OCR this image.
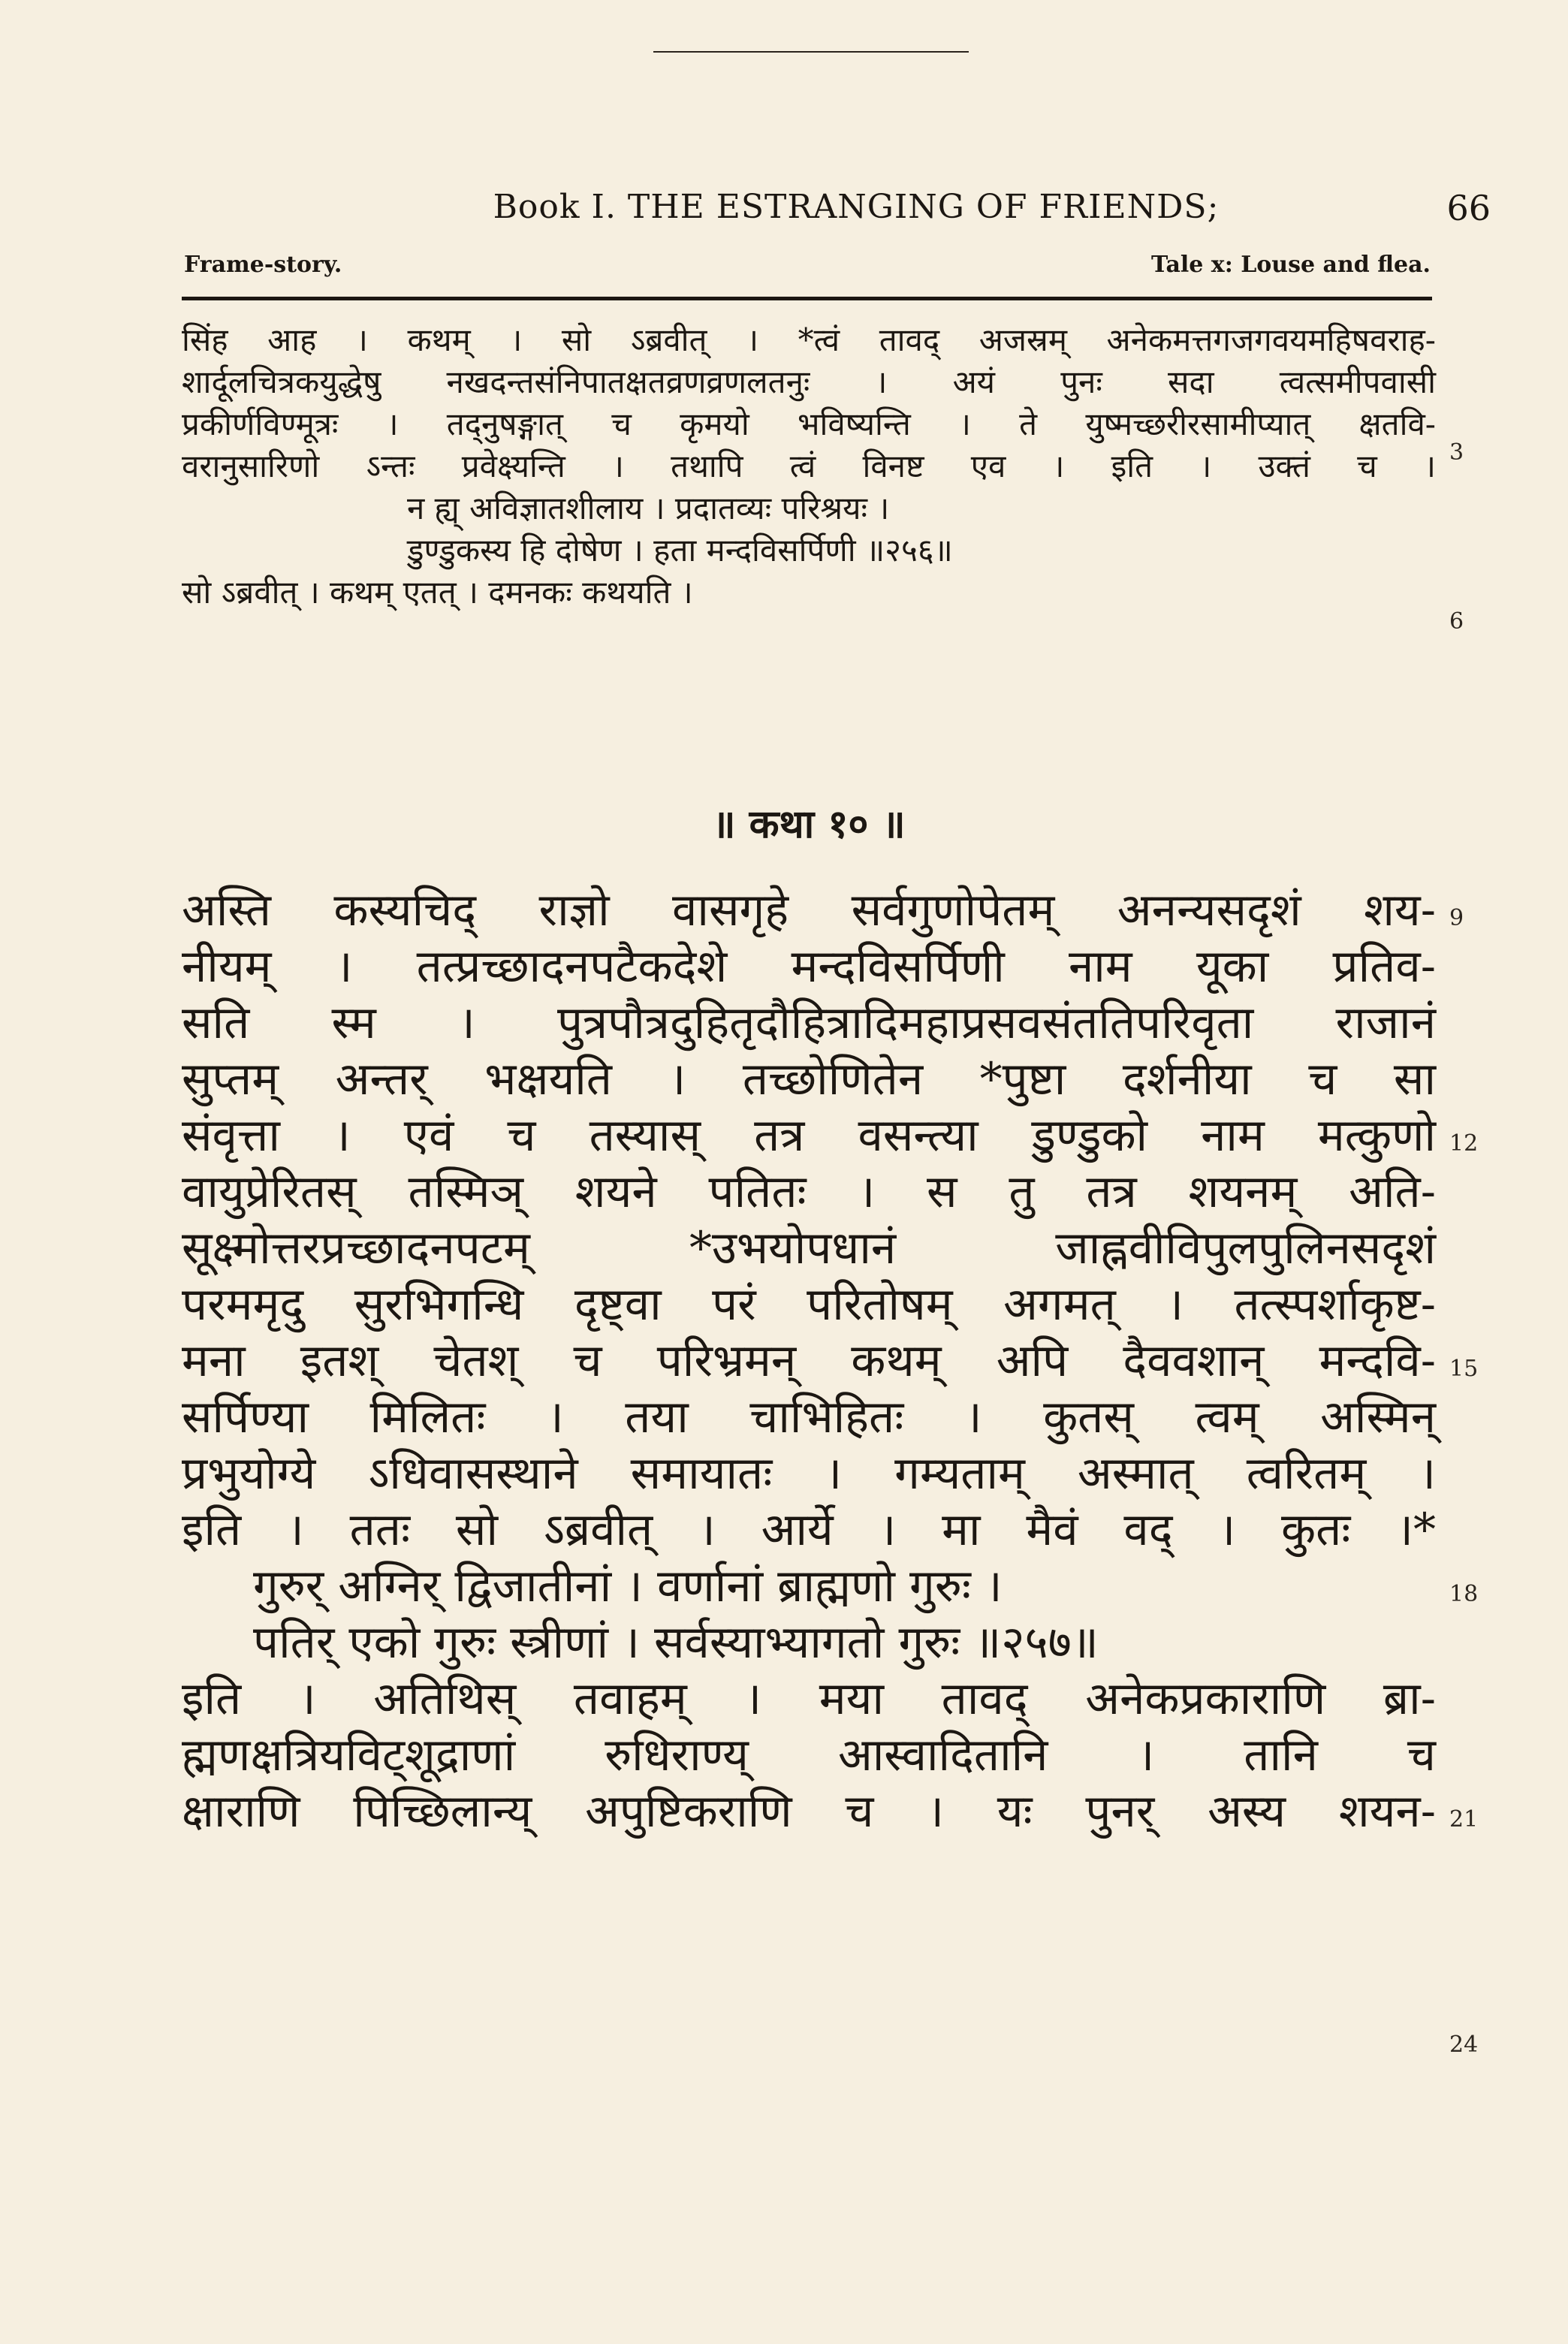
Book I. THE ESTRANGING OF FRIENDS;	66
Frame-story.	Tale x: Louse and flea.
सिंह आह । कथम् । सो ऽब्रवीत् । *त्वं तावद् अजस्रम् अनेकमत्तगजगवयमहिषवराह-
शार्दूलचित्रकयुद्धेषु नखदन्तसंनिपातक्षतव्रणव्रणलतनुः । अयं पुनः सदा त्वत्समीपवासी
प्रकीर्णविण्मूत्रः । तद्नुषङ्गात् च कृमयो भविष्यन्ति । ते युष्मच्छरीरसामीप्यात् क्षतवि-
वरानुसारिणो ऽन्तः प्रवेक्ष्यन्ति । तथापि त्वं विनष्ट एव । इति । उक्तं च ।
न ह्य् अविज्ञातशीलाय । प्रदातव्यः परिश्रयः ।
डुण्डुकस्य हि दोषेण । हता मन्दविसर्पिणी ॥२५६॥
सो ऽब्रवीत् । कथम् एतत् । दमनकः कथयति ।
3
6
॥ कथा १० ॥
अस्ति कस्यचिद् राज्ञो वासगृहे सर्वगुणोपेतम् अनन्यसदृशं शय-
नीयम् । तत्प्रच्छादनपटैकदेशे मन्दविसर्पिणी नाम यूका प्रतिव-
सति स्म । पुत्रपौत्रदुहितृदौहित्रादिमहाप्रसवसंततिपरिवृता राजानं
सुप्तम् अन्तर् भक्षयति । तच्छोणितेन *पुष्टा दर्शनीया च सा
संवृत्ता । एवं च तस्यास् तत्र वसन्त्या डुण्डुको नाम मत्कुणो
वायुप्रेरितस् तस्मिञ् शयने पतितः । स तु तत्र शयनम् अति-
सूक्ष्मोत्तरप्रच्छादनपटम् *उभयोपधानं जाह्नवीविपुलपुलिनसदृशं
परममृदु सुरभिगन्धि दृष्ट्वा परं परितोषम् अगमत् । तत्स्पर्शाकृष्ट-
मना इतश् चेतश् च परिभ्रमन् कथम् अपि दैववशान् मन्दवि-
सर्पिण्या मिलितः । तया चाभिहितः । कुतस् त्वम् अस्मिन्
प्रभुयोग्ये ऽधिवासस्थाने समायातः । गम्यताम् अस्मात् त्वरितम् ।
इति । ततः सो ऽब्रवीत् । आर्ये । मा मैवं वद् । कुतः ।*
गुरुर् अग्निर् द्विजातीनां । वर्णानां ब्राह्मणो गुरुः ।
पतिर् एको गुरुः स्त्रीणां । सर्वस्याभ्यागतो गुरुः ॥२५७॥
इति । अतिथिस् तवाहम् । मया तावद् अनेकप्रकाराणि ब्रा-
ह्मणक्षत्रियविट्शूद्राणां रुधिराण्य् आस्वादितानि । तानि च
क्षाराणि पिच्छिलान्य् अपुष्टिकराणि च । यः पुनर् अस्य शयन-
9
12
15
18
21
24
